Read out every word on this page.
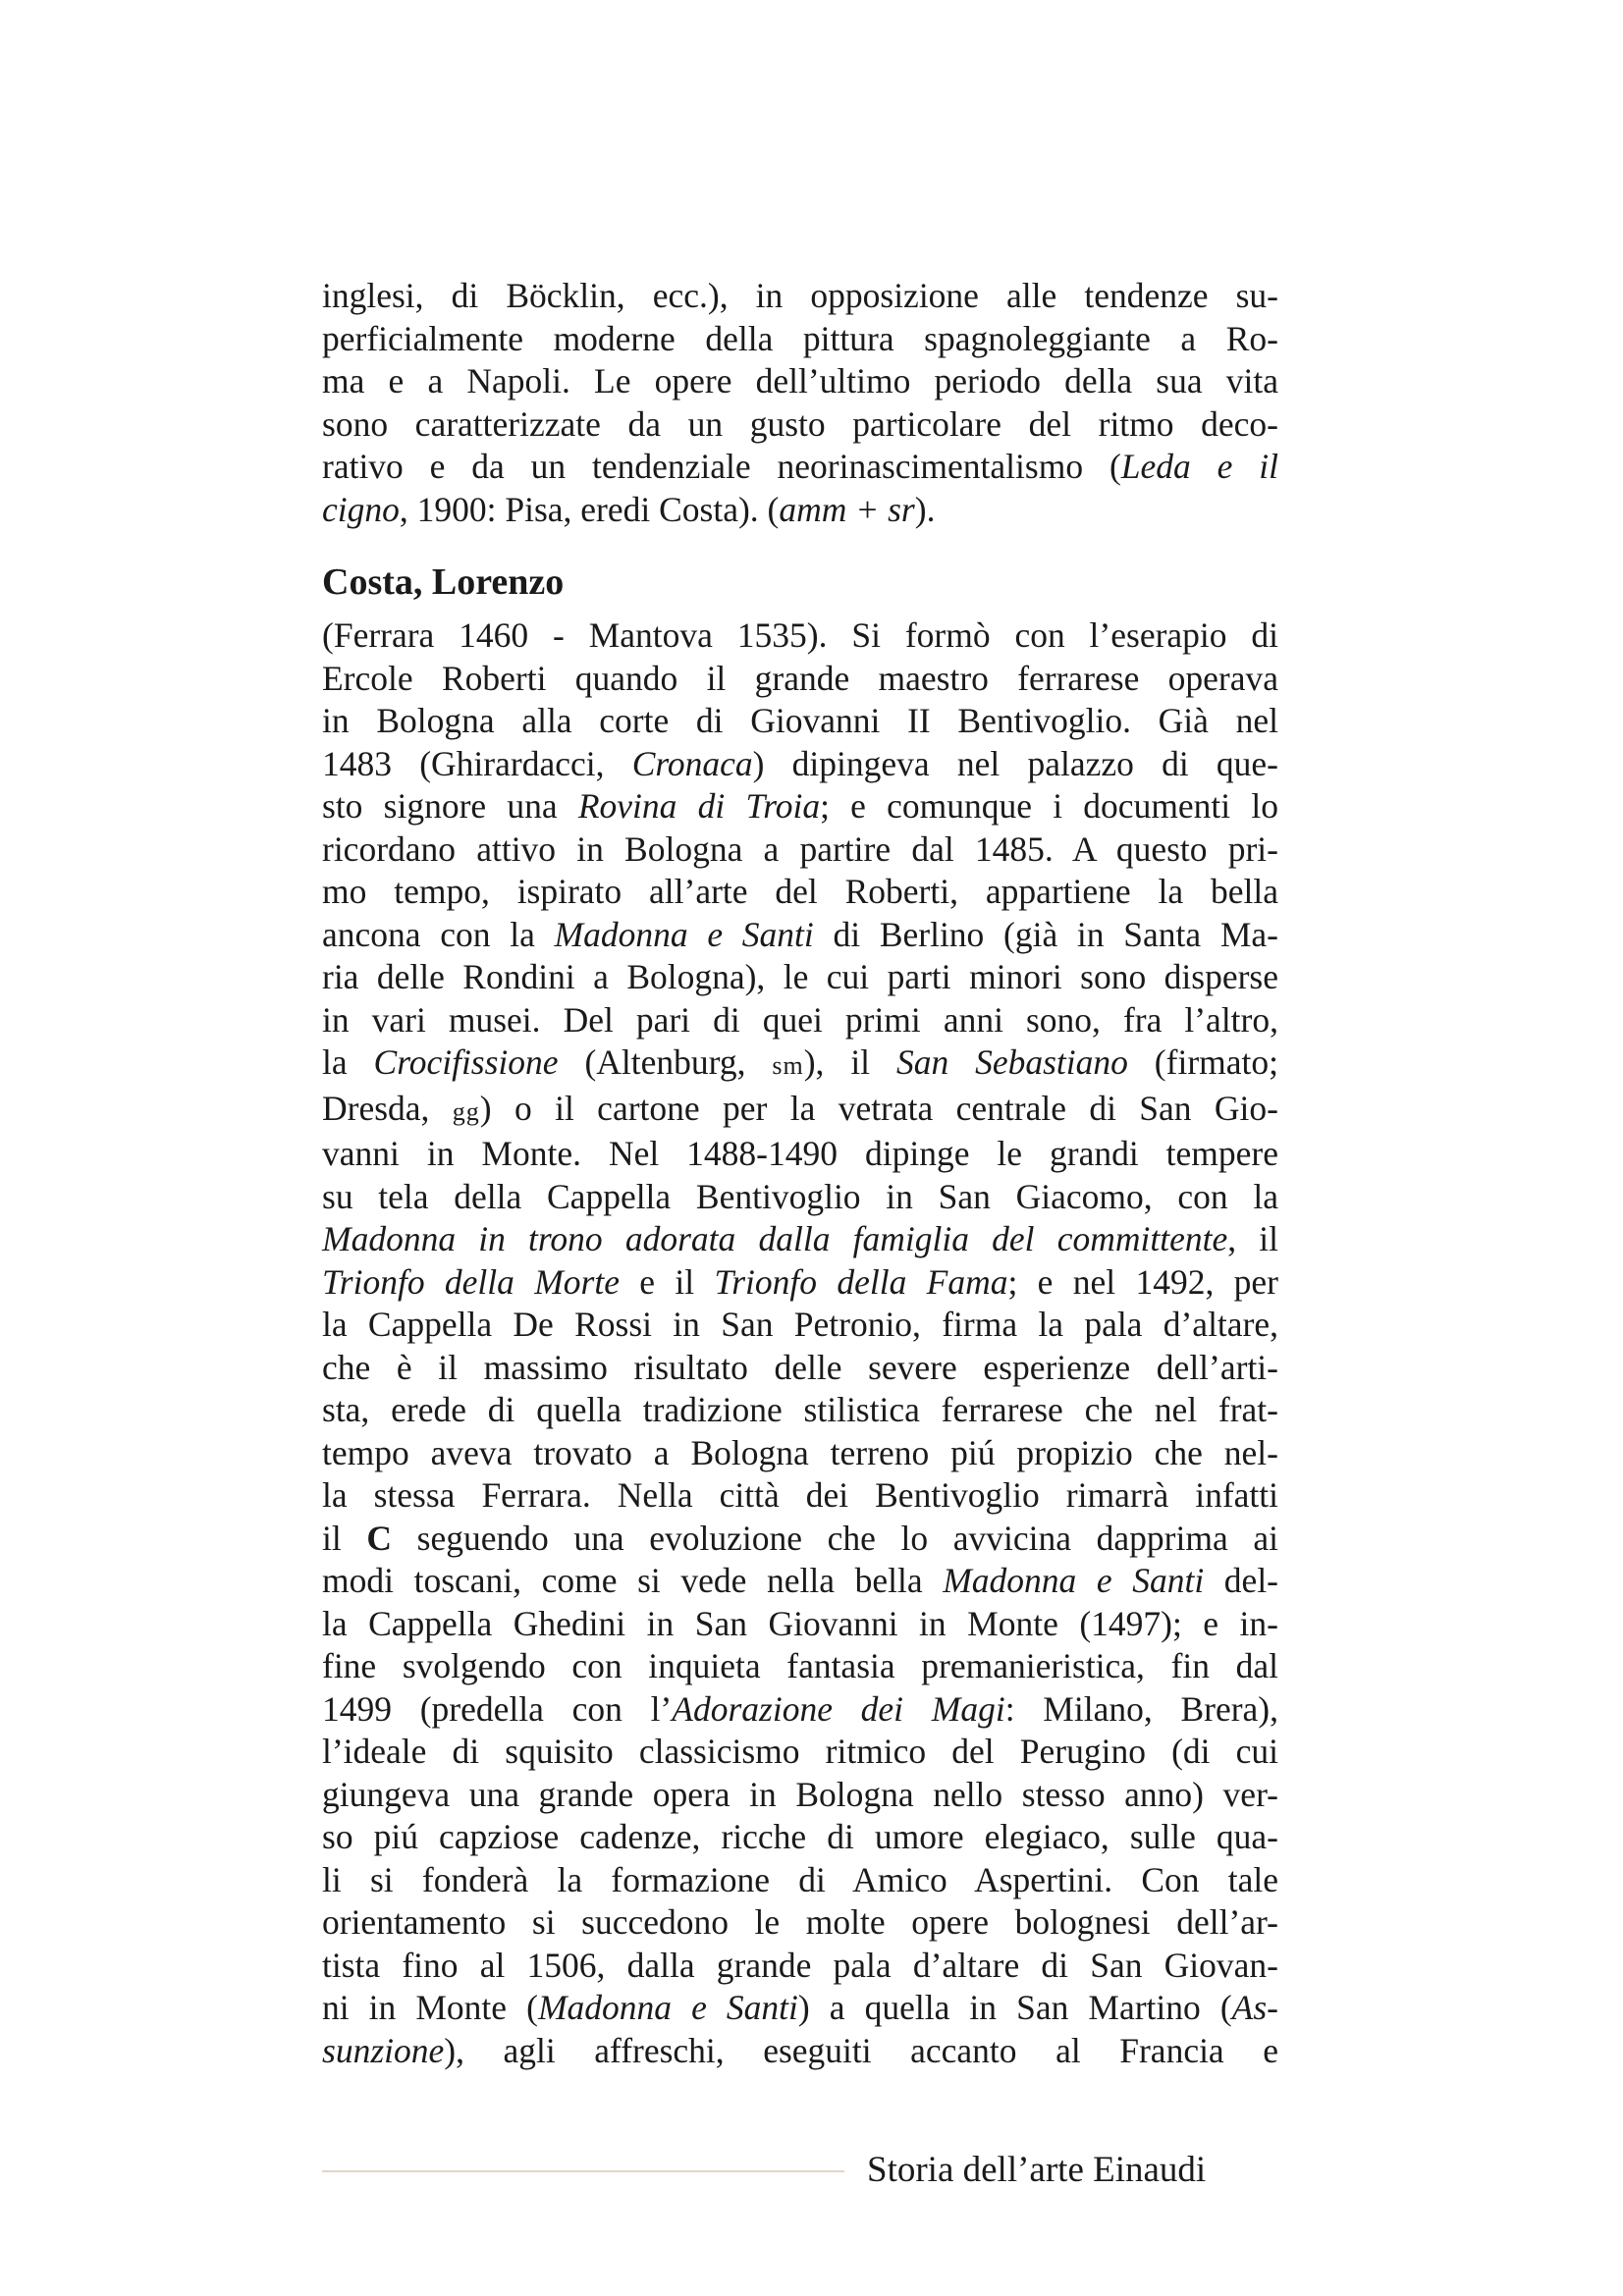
inglesi, di Böcklin, ecc.), in opposizione alle tendenze su-
perficialmente moderne della pittura spagnoleggiante a Ro-
ma e a Napoli. Le opere dell’ultimo periodo della sua vita
sono caratterizzate da un gusto particolare del ritmo deco-
rativo e da un tendenziale neorinascimentalismo (Leda e il
cigno, 1900: Pisa, eredi Costa). (amm + sr).
Costa, Lorenzo
(Ferrara 1460 - Mantova 1535). Si formò con l’eserapio di
Ercole Roberti quando il grande maestro ferrarese operava
in Bologna alla corte di Giovanni II Bentivoglio. Già nel
1483 (Ghirardacci, Cronaca) dipingeva nel palazzo di que-
sto signore una Rovina di Troia; e comunque i documenti lo
ricordano attivo in Bologna a partire dal 1485. A questo pri-
mo tempo, ispirato all’arte del Roberti, appartiene la bella
ancona con la Madonna e Santi di Berlino (già in Santa Ma-
ria delle Rondini a Bologna), le cui parti minori sono disperse
in vari musei. Del pari di quei primi anni sono, fra l’altro,
la Crocifissione (Altenburg, sm), il San Sebastiano (firmato;
Dresda, gg) o il cartone per la vetrata centrale di San Gio-
vanni in Monte. Nel 1488-1490 dipinge le grandi tempere
su tela della Cappella Bentivoglio in San Giacomo, con la
Madonna in trono adorata dalla famiglia del committente, il
Trionfo della Morte e il Trionfo della Fama; e nel 1492, per
la Cappella De Rossi in San Petronio, firma la pala d’altare,
che è il massimo risultato delle severe esperienze dell’arti-
sta, erede di quella tradizione stilistica ferrarese che nel frat-
tempo aveva trovato a Bologna terreno piú propizio che nel-
la stessa Ferrara. Nella città dei Bentivoglio rimarrà infatti
il C seguendo una evoluzione che lo avvicina dapprima ai
modi toscani, come si vede nella bella Madonna e Santi del-
la Cappella Ghedini in San Giovanni in Monte (1497); e in-
fine svolgendo con inquieta fantasia premanieristica, fin dal
1499 (predella con l’Adorazione dei Magi: Milano, Brera),
l’ideale di squisito classicismo ritmico del Perugino (di cui
giungeva una grande opera in Bologna nello stesso anno) ver-
so piú capziose cadenze, ricche di umore elegiaco, sulle qua-
li si fonderà la formazione di Amico Aspertini. Con tale
orientamento si succedono le molte opere bolognesi dell’ar-
tista fino al 1506, dalla grande pala d’altare di San Giovan-
ni in Monte (Madonna e Santi) a quella in San Martino (As-
sunzione), agli affreschi, eseguiti accanto al Francia e
Storia dell’arte Einaudi
